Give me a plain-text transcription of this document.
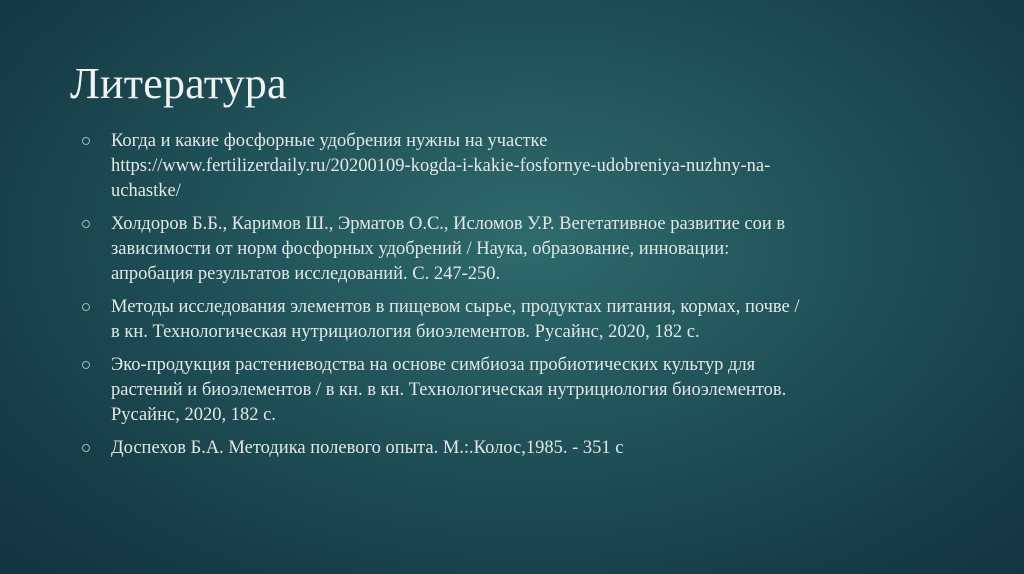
Литература
Когда и какие фосфорные удобрения нужны на участке https://www.fertilizerdaily.ru/20200109-kogda-i-kakie-fosfornye-udobreniya-nuzhny-na-uchastke/
Холдоров Б.Б., Каримов Ш., Эрматов О.С., Исломов У.Р. Вегетативное развитие сои в зависимости от норм фосфорных удобрений / Наука, образование, инновации: апробация результатов исследований. С. 247-250.
Методы исследования элементов в пищевом сырье, продуктах питания, кормах, почве / в кн. Технологическая нутрициология биоэлементов. Русайнс, 2020, 182 с.
Эко-продукция растениеводства на основе симбиоза пробиотических культур для растений и биоэлементов / в кн. в кн. Технологическая нутрициология биоэлементов. Русайнс, 2020, 182 с.
Доспехов Б.А. Методика полевого опыта. М.:.Колос,1985. - 351 с
